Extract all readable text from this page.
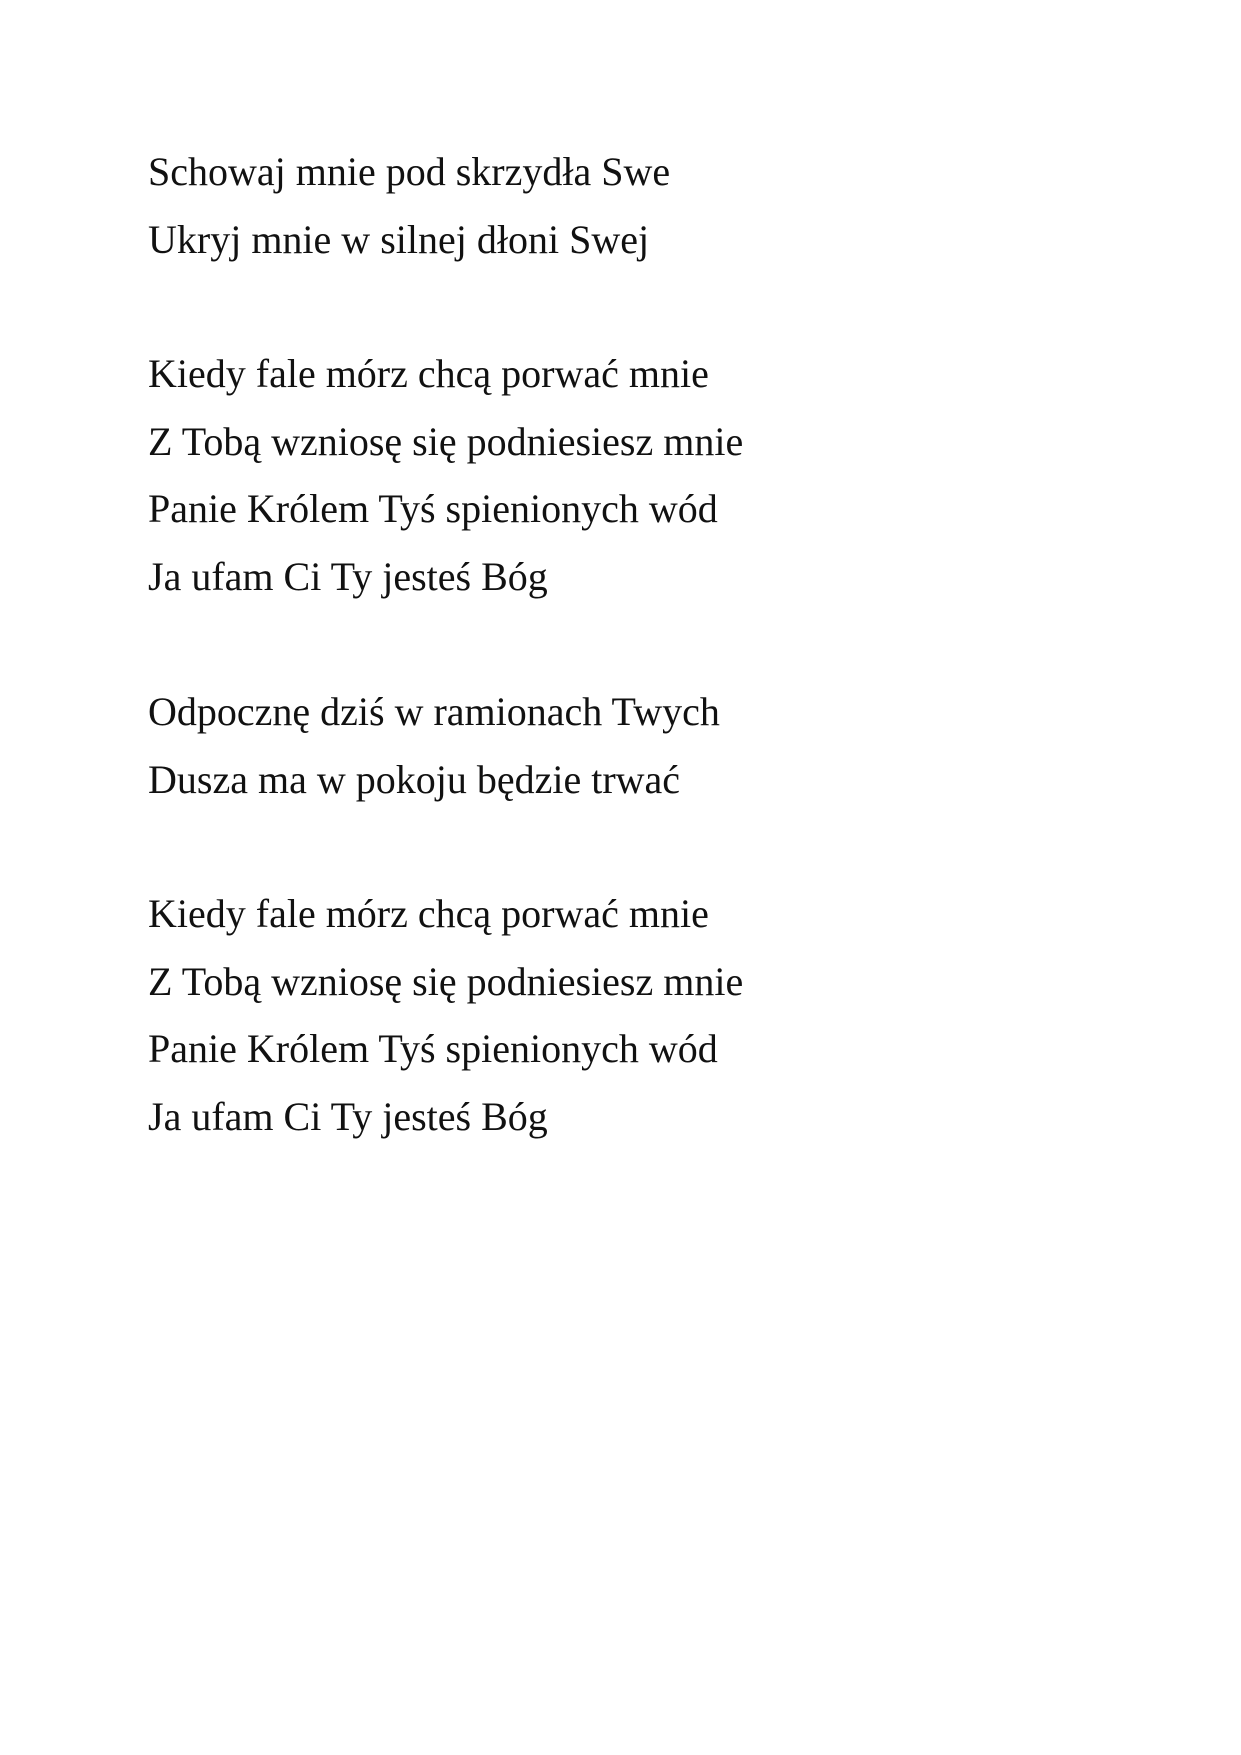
Schowaj mnie pod skrzydła Swe
Ukryj mnie w silnej dłoni Swej
Kiedy fale mórz chcą porwać mnie
Z Tobą wzniosę się podniesiesz mnie
Panie Królem Tyś spienionych wód
Ja ufam Ci Ty jesteś Bóg
Odpocznę dziś w ramionach Twych
Dusza ma w pokoju będzie trwać
Kiedy fale mórz chcą porwać mnie
Z Tobą wzniosę się podniesiesz mnie
Panie Królem Tyś spienionych wód
Ja ufam Ci Ty jesteś Bóg
